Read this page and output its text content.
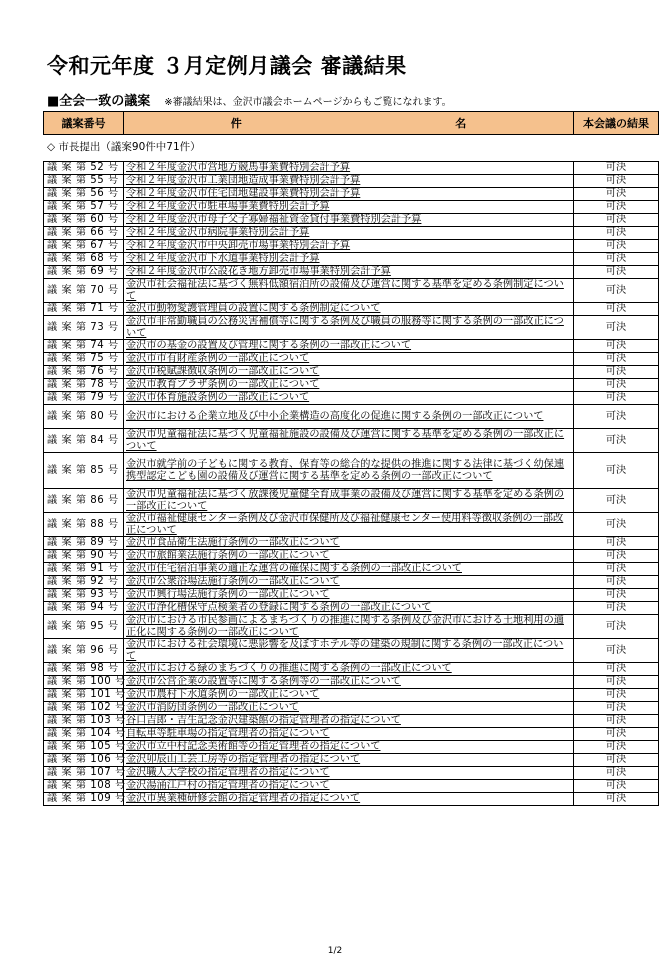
令和元年度 ３月定例月議会 審議結果
■全会一致の議案 ※審議結果は、金沢市議会ホームページからもご覧になれます。
議案番号	件	名	本会議の結果
◇ 市長提出（議案90件中71件）
議 案 第 52 号	令和２年度金沢市営地方競馬事業費特別会計予算	可決
議 案 第 55 号	令和２年度金沢市工業団地造成事業費特別会計予算	可決
議 案 第 56 号	令和２年度金沢市住宅団地建設事業費特別会計予算	可決
議 案 第 57 号	令和２年度金沢市駐車場事業費特別会計予算	可決
議 案 第 60 号	令和２年度金沢市母子父子寡婦福祉資金貸付事業費特別会計予算	可決
議 案 第 66 号	令和２年度金沢市病院事業特別会計予算	可決
議 案 第 67 号	令和２年度金沢市中央卸売市場事業特別会計予算	可決
議 案 第 68 号	令和２年度金沢市下水道事業特別会計予算	可決
議 案 第 69 号	令和２年度金沢市公設花き地方卸売市場事業特別会計予算	可決
議 案 第 70 号	金沢市社会福祉法に基づく無料低額宿泊所の設備及び運営に関する基準を定める条例制定について	可決
議 案 第 71 号	金沢市動物愛護管理員の設置に関する条例制定について	可決
議 案 第 73 号	金沢市非常勤職員の公務災害補償等に関する条例及び職員の服務等に関する条例の一部改正について	可決
議 案 第 74 号	金沢市の基金の設置及び管理に関する条例の一部改正について	可決
議 案 第 75 号	金沢市市有財産条例の一部改正について	可決
議 案 第 76 号	金沢市税賦課徴収条例の一部改正について	可決
議 案 第 78 号	金沢市教育プラザ条例の一部改正について	可決
議 案 第 79 号	金沢市体育施設条例の一部改正について	可決
議 案 第 80 号	金沢市における企業立地及び中小企業構造の高度化の促進に関する条例の一部改正について	可決
議 案 第 84 号	金沢市児童福祉法に基づく児童福祉施設の設備及び運営に関する基準を定める条例の一部改正について	可決
議 案 第 85 号	金沢市就学前の子どもに関する教育、保育等の総合的な提供の推進に関する法律に基づく幼保連携型認定こども園の設備及び運営に関する基準を定める条例の一部改正について	可決
議 案 第 86 号	金沢市児童福祉法に基づく放課後児童健全育成事業の設備及び運営に関する基準を定める条例の一部改正について	可決
議 案 第 88 号	金沢市福祉健康センター条例及び金沢市保健所及び福祉健康センター使用料等徴収条例の一部改正について	可決
議 案 第 89 号	金沢市食品衛生法施行条例の一部改正について	可決
議 案 第 90 号	金沢市旅館業法施行条例の一部改正について	可決
議 案 第 91 号	金沢市住宅宿泊事業の適正な運営の確保に関する条例の一部改正について	可決
議 案 第 92 号	金沢市公衆浴場法施行条例の一部改正について	可決
議 案 第 93 号	金沢市興行場法施行条例の一部改正について	可決
議 案 第 94 号	金沢市浄化槽保守点検業者の登録に関する条例の一部改正について	可決
議 案 第 95 号	金沢市における市民参画によるまちづくりの推進に関する条例及び金沢市における土地利用の適正化に関する条例の一部改正について	可決
議 案 第 96 号	金沢市における社会環境に悪影響を及ぼすホテル等の建築の規制に関する条例の一部改正について	可決
議 案 第 98 号	金沢市における緑のまちづくりの推進に関する条例の一部改正について	可決
議 案 第 100 号	金沢市公営企業の設置等に関する条例等の一部改正について	可決
議 案 第 101 号	金沢市農村下水道条例の一部改正について	可決
議 案 第 102 号	金沢市消防団条例の一部改正について	可決
議 案 第 103 号	谷口吉郎・吉生記念金沢建築館の指定管理者の指定について	可決
議 案 第 104 号	自転車等駐車場の指定管理者の指定について	可決
議 案 第 105 号	金沢市立中村記念美術館等の指定管理者の指定について	可決
議 案 第 106 号	金沢卯辰山工芸工房等の指定管理者の指定について	可決
議 案 第 107 号	金沢職人大学校の指定管理者の指定について	可決
議 案 第 108 号	金沢湯涌江戸村の指定管理者の指定について	可決
議 案 第 109 号	金沢市異業種研修会館の指定管理者の指定について	可決
1/2
